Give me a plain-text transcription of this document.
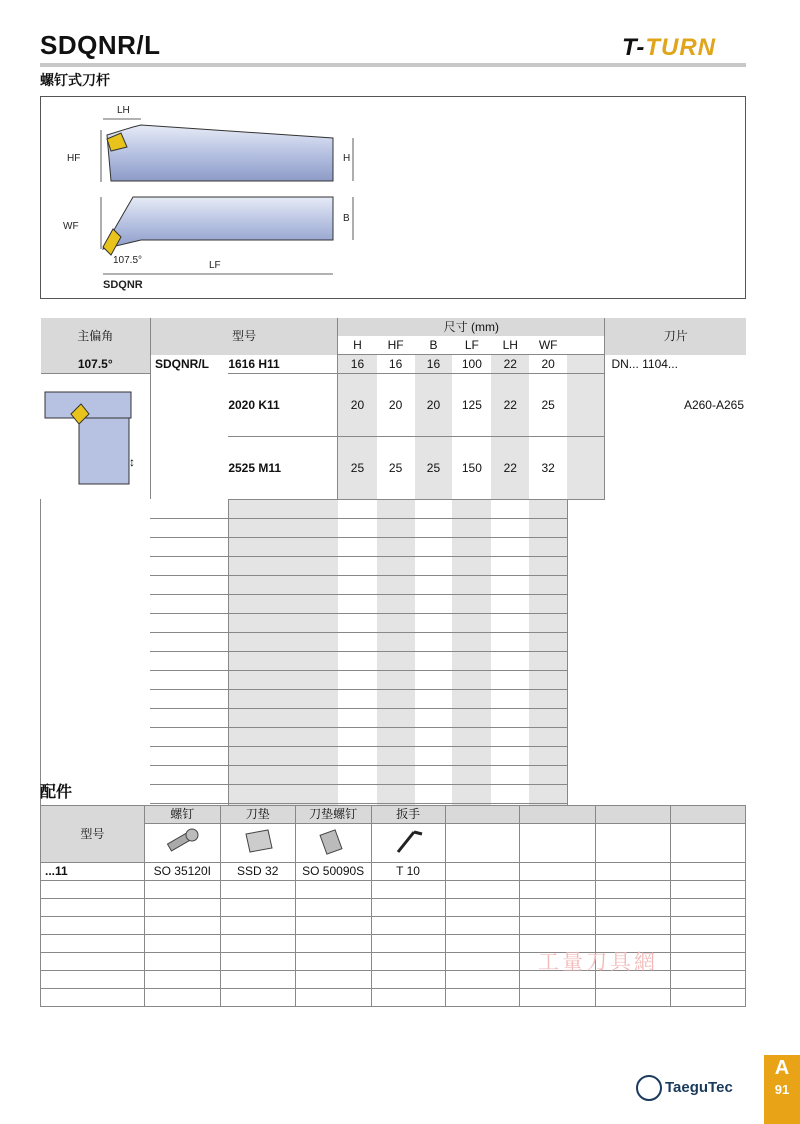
SDQNR/L
螺钉式刀杆
T-TURN
LH
HF	H
WF
B
107.5°	LF
SDQNR
主偏角	型号		尺寸 (mm)							刀片
			H	HF	B	LF	LH	WF		
107.5°	SDQNR/L	1616 H11	16	16	16	100	22	20		DN... 1104...

↕		2020 K11	20	20	20	125	22	25		A260-A265
		2525 M11	25	25	25	150	22	32		

配件
型号	螺钉	刀垫	刀垫螺钉	扳手				

...11	SO 35120I	SSD 32	SO 50090S	T 10				

工量刀具網
TaeguTec
A
91
